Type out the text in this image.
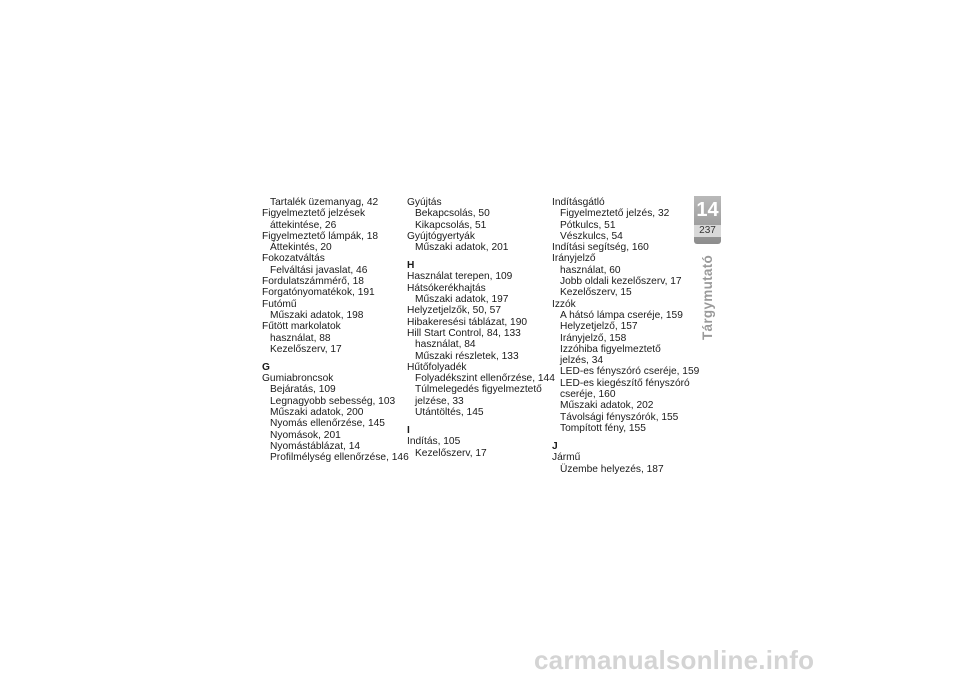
Tartalék üzemanyag, 42
Figyelmeztető jelzések
áttekintése, 26
Figyelmeztető lámpák, 18
Áttekintés, 20
Fokozatváltás
Felváltási javaslat, 46
Fordulatszámmérő, 18
Forgatónyomatékok, 191
Futómű
Műszaki adatok, 198
Fűtött markolatok
használat, 88
Kezelőszerv, 17
G
Gumiabroncsok
Bejáratás, 109
Legnagyobb sebesség, 103
Műszaki adatok, 200
Nyomás ellenőrzése, 145
Nyomások, 201
Nyomástáblázat, 14
Profilmélység ellenőrzése, 146
Gyújtás
Bekapcsolás, 50
Kikapcsolás, 51
Gyújtógyertyák
Műszaki adatok, 201
H
Használat terepen, 109
Hátsókerékhajtás
Műszaki adatok, 197
Helyzetjelzők, 50, 57
Hibakeresési táblázat, 190
Hill Start Control, 84, 133
használat, 84
Műszaki részletek, 133
Hűtőfolyadék
Folyadékszint ellenőrzése, 144
Túlmelegedés figyelmeztető
jelzése, 33
Utántöltés, 145
I
Indítás, 105
Kezelőszerv, 17
Indításgátló
Figyelmeztető jelzés, 32
Pótkulcs, 51
Vészkulcs, 54
Indítási segítség, 160
Irányjelző
használat, 60
Jobb oldali kezelőszerv, 17
Kezelőszerv, 15
Izzók
A hátsó lámpa cseréje, 159
Helyzetjelző, 157
Irányjelző, 158
Izzóhiba figyelmeztető
jelzés, 34
LED-es fényszóró cseréje, 159
LED-es kiegészítő fényszóró
cseréje, 160
Műszaki adatok, 202
Távolsági fényszórók, 155
Tompított fény, 155
J
Jármű
Üzembe helyezés, 187
14
237
Tárgymutató
carmanualsonline.info
